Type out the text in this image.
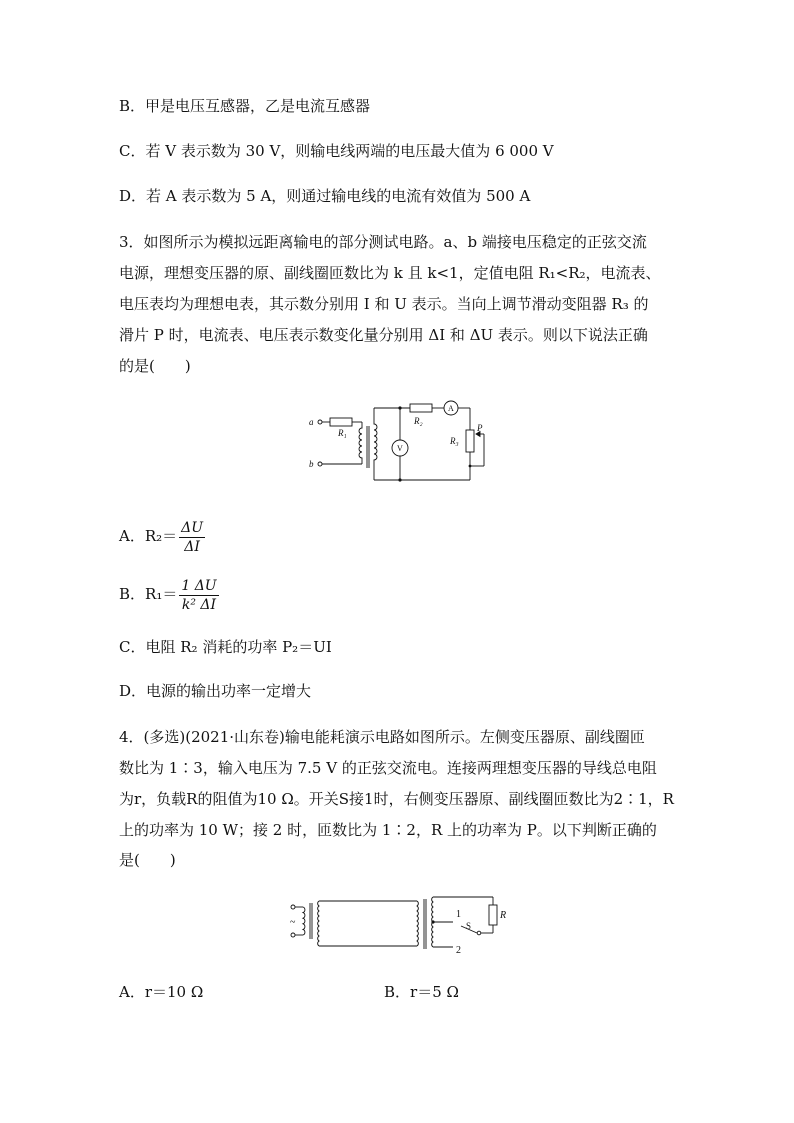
B．甲是电压互感器，乙是电流互感器
C．若 V 表示数为 30 V，则输电线两端的电压最大值为 6 000 V
D．若 A 表示数为 5 A，则通过输电线的电流有效值为 500 A
3．如图所示为模拟远距离输电的部分测试电路。a、b 端接电压稳定的正弦交流
电源，理想变压器的原、副线圈匝数比为 k 且 k<1，定值电阻 R₁<R₂，电流表、
电压表均为理想电表，其示数分别用 I 和 U 表示。当向上调节滑动变阻器 R₃ 的
滑片 P 时，电流表、电压表示数变化量分别用 ΔI 和 ΔU 表示。则以下说法正确
的是(　　)
a
b
R₁
R₂
R₃
V
A
P
A．$R_2= \frac{\Delta U}{\Delta I}$
B．$R_1= \frac{1 \Delta U}{\text{k² ΔI}}$
C．电阻 R₂ 消耗的功率 P₂＝UI
D．电源的输出功率一定增大
4．(多选)(2021·山东卷)输电能耗演示电路如图所示。左侧变压器原、副线圈匝
数比为 1∶3，输入电压为 7.5 V 的正弦交流电。连接两理想变压器的导线总电阻
为r，负载R的阻值为10 Ω。开关S接1时，右侧变压器原、副线圈匝数比为2∶1，R
上的功率为 10 W；接 2 时，匝数比为 1∶2，R 上的功率为 P。以下判断正确的
是(　　)
~
1
2
S
R
A．r＝10 Ω	B．r＝5 Ω
